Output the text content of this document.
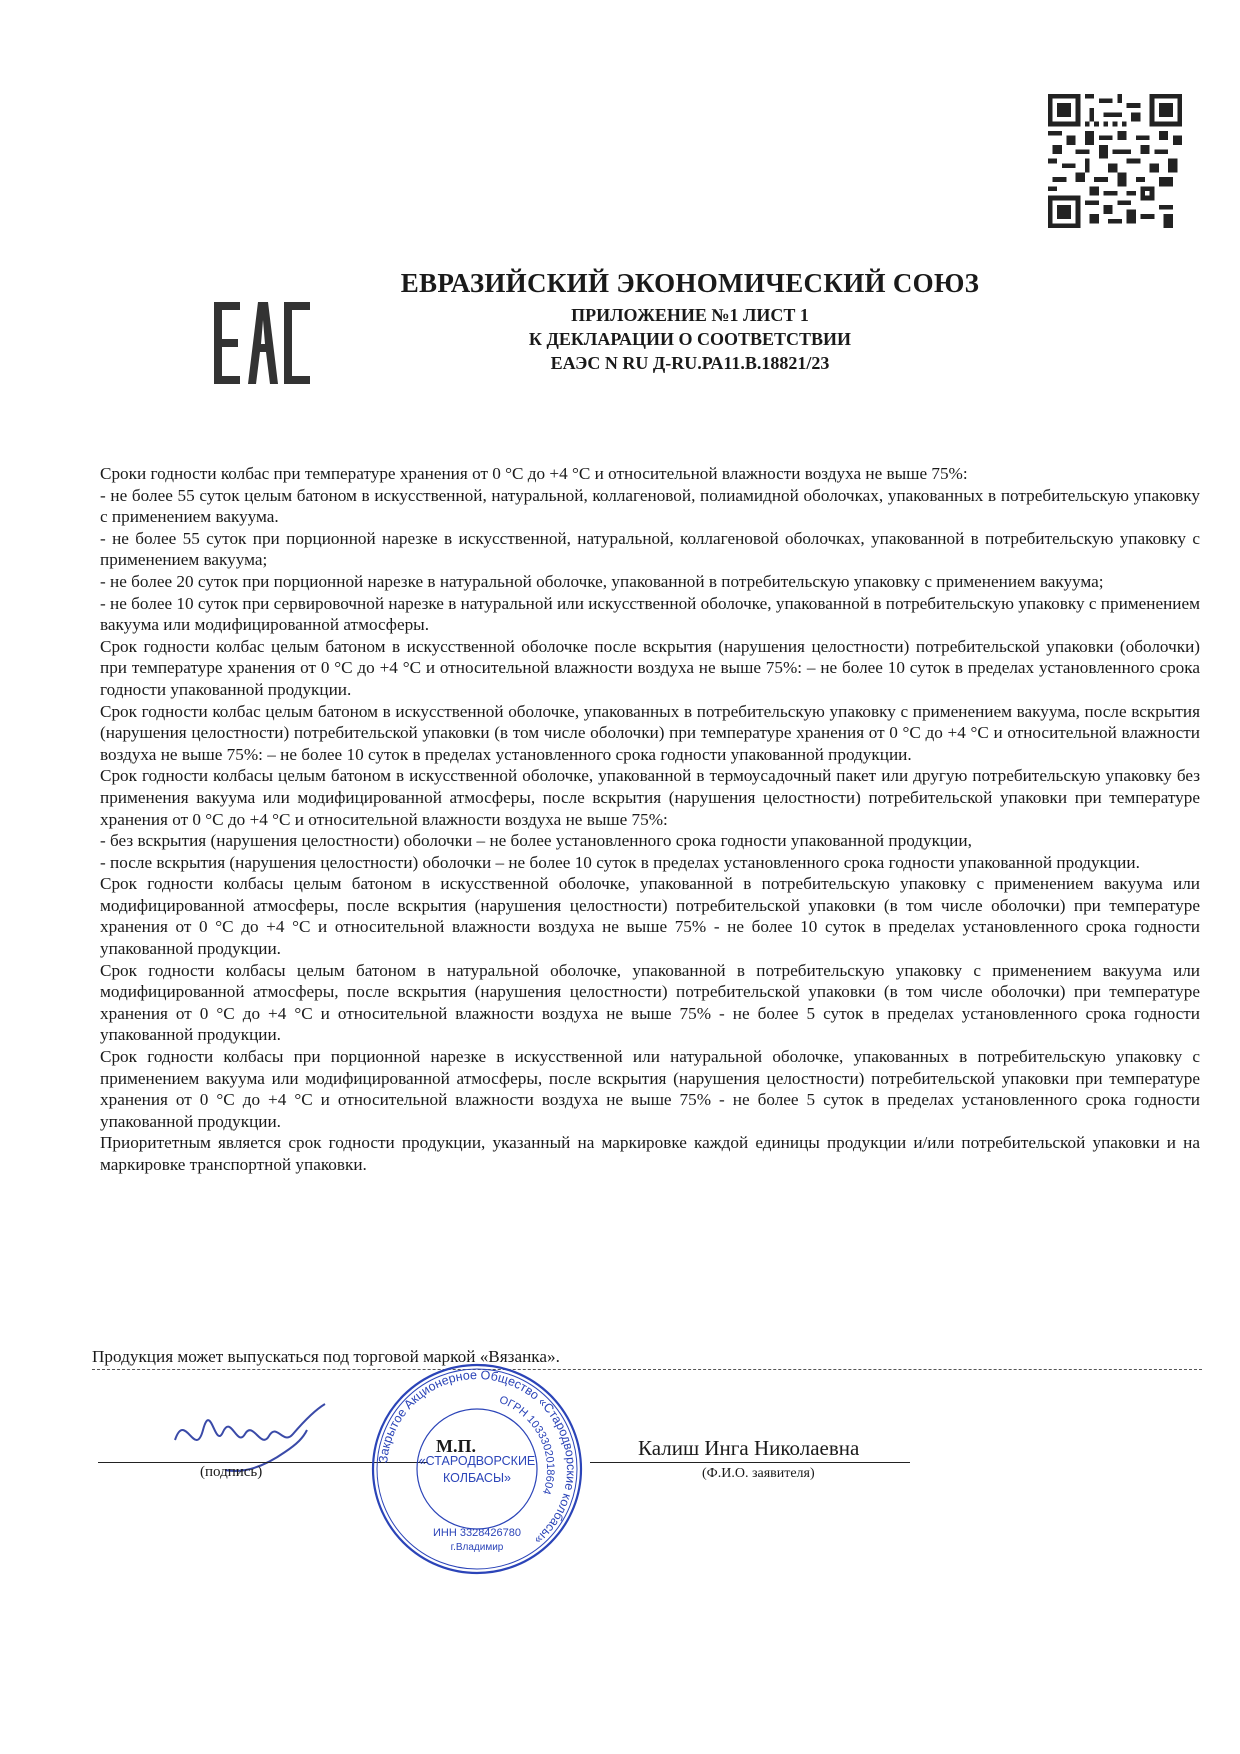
ЕВРАЗИЙСКИЙ ЭКОНОМИЧЕСКИЙ СОЮЗ
ПРИЛОЖЕНИЕ №1 ЛИСТ 1
К ДЕКЛАРАЦИИ О СООТВЕТСТВИИ
ЕАЭС N RU Д-RU.РА11.В.18821/23

Сроки годности колбас при температуре хранения от 0 °С до +4 °С и относительной влажности воздуха не выше 75%:

- не более 55 суток целым батоном в искусственной, натуральной, коллагеновой, полиамидной оболочках, упакованных в потребительскую упаковку с применением вакуума.

- не более 55 суток при порционной нарезке в искусственной, натуральной, коллагеновой оболочках, упакованной в потребительскую упаковку с применением вакуума;

- не более 20 суток при порционной нарезке в натуральной оболочке, упакованной в потребительскую упаковку с применением вакуума;

- не более 10 суток при сервировочной нарезке в натуральной или искусственной оболочке, упакованной в потребительскую упаковку с применением вакуума или модифицированной атмосферы.

Срок годности колбас целым батоном в искусственной оболочке после вскрытия (нарушения целостности) потребительской упаковки (оболочки) при температуре хранения от 0 °С до +4 °С и относительной влажности воздуха не выше 75%: – не более 10 суток в пределах установленного срока годности упакованной продукции.

Срок годности колбас целым батоном в искусственной оболочке, упакованных в потребительскую упаковку с применением вакуума, после вскрытия (нарушения целостности) потребительской упаковки (в том числе оболочки) при температуре хранения от 0 °С до +4 °С и относительной влажности воздуха не выше 75%: – не более 10 суток в пределах установленного срока годности упакованной продукции.

Срок годности колбасы целым батоном в искусственной оболочке, упакованной в термоусадочный пакет или другую потребительскую упаковку без применения вакуума или модифицированной атмосферы, после вскрытия (нарушения целостности) потребительской упаковки при температуре хранения от 0 °С до +4 °С и относительной влажности воздуха не выше 75%:

- без вскрытия (нарушения целостности) оболочки – не более установленного срока годности упакованной продукции,

- после вскрытия (нарушения целостности) оболочки – не более 10 суток в пределах установленного срока годности упакованной продукции.

Срок годности колбасы целым батоном в искусственной оболочке, упакованной в потребительскую упаковку с применением вакуума или модифицированной атмосферы, после вскрытия (нарушения целостности) потребительской упаковки (в том числе оболочки) при температуре хранения от 0 °С до +4 °С и относительной влажности воздуха не выше 75% - не более 10 суток в пределах установленного срока годности упакованной продукции.

Срок годности колбасы целым батоном в натуральной оболочке, упакованной в потребительскую упаковку с применением вакуума или модифицированной атмосферы, после вскрытия (нарушения целостности) потребительской упаковки (в том числе оболочки) при температуре хранения от 0 °С до +4 °С и относительной влажности воздуха не выше 75% - не более 5 суток в пределах установленного срока годности упакованной продукции.

Срок годности колбасы при порционной нарезке в искусственной или натуральной оболочке, упакованных в потребительскую упаковку с применением вакуума или модифицированной атмосферы, после вскрытия (нарушения целостности) потребительской упаковки при температуре хранения от 0 °С до +4 °С и относительной влажности воздуха не выше 75% - не более 5 суток в пределах установленного срока годности упакованной продукции.

Приоритетным является срок годности продукции, указанный на маркировке каждой единицы продукции и/или потребительской упаковки и на маркировке транспортной упаковки.

Продукция может выпускаться под торговой маркой «Вязанка».
(подпись)
Закрытое Акционерное Общество «Стародворские колбасы»
ОГРН 1033302018604
«СТАРОДВОРСКИЕ
КОЛБАСЫ»
ИНН 3328426780
г.Владимир
М.П.	Калиш Инга Николаевна
(Ф.И.О. заявителя)
